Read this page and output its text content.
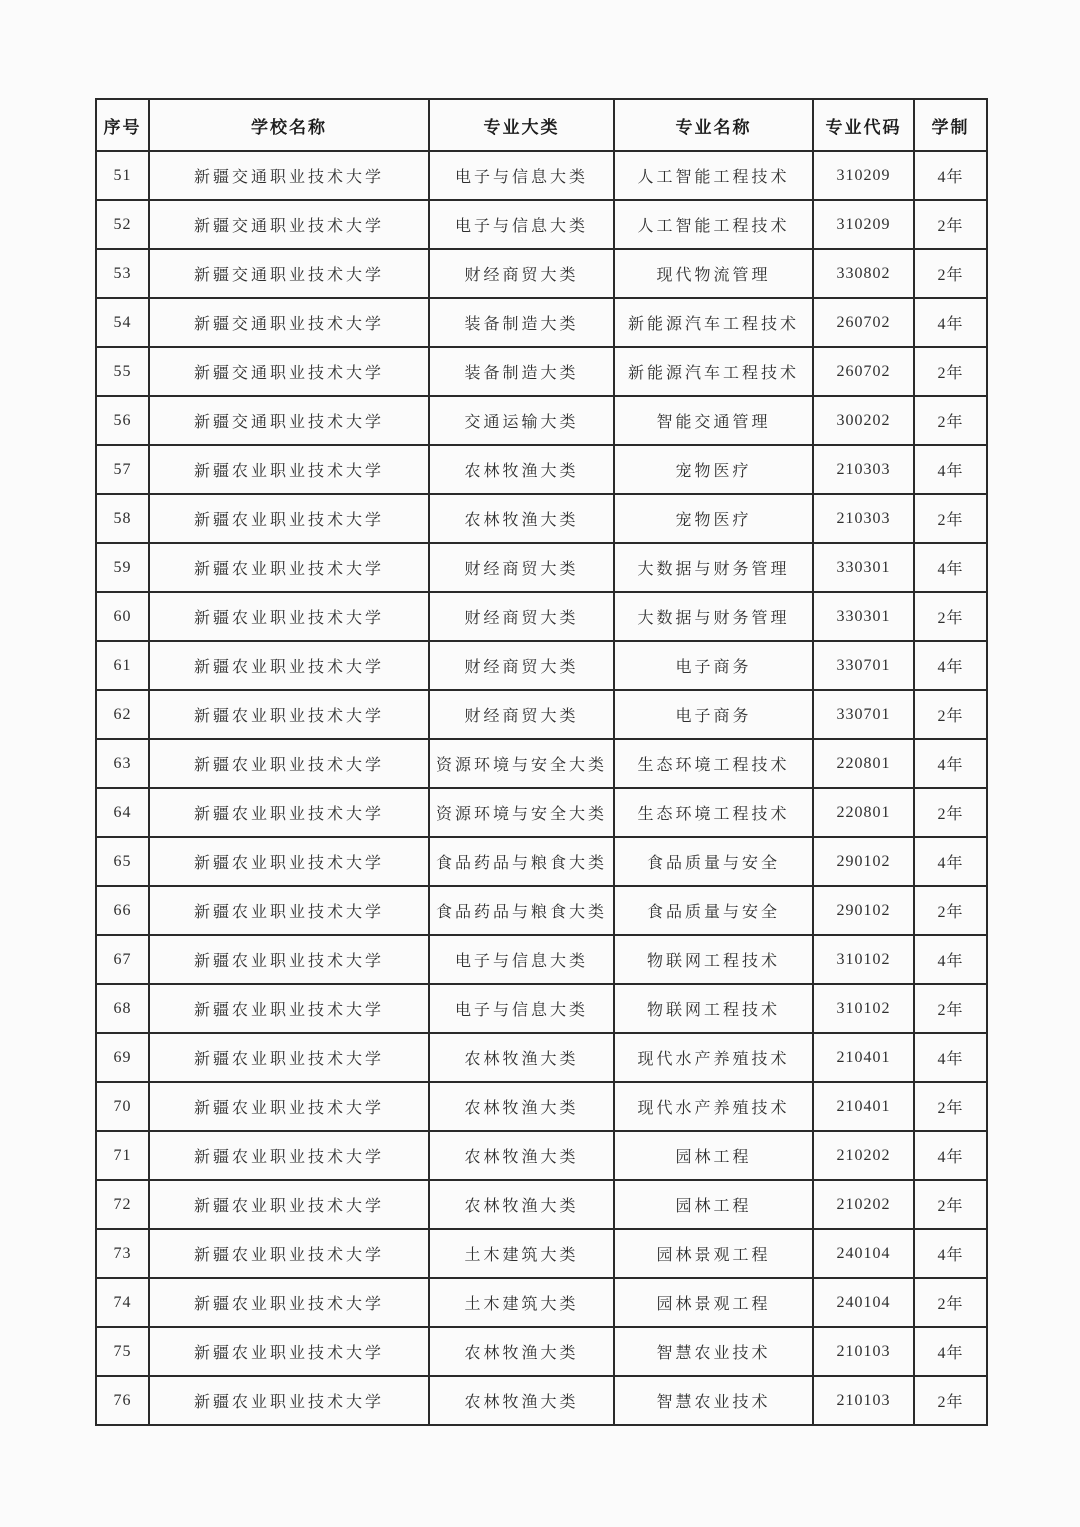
序号	学校名称	专业大类	专业名称	专业代码	学制
51	新疆交通职业技术大学	电子与信息大类	人工智能工程技术	310209	4年
52	新疆交通职业技术大学	电子与信息大类	人工智能工程技术	310209	2年
53	新疆交通职业技术大学	财经商贸大类	现代物流管理	330802	2年
54	新疆交通职业技术大学	装备制造大类	新能源汽车工程技术	260702	4年
55	新疆交通职业技术大学	装备制造大类	新能源汽车工程技术	260702	2年
56	新疆交通职业技术大学	交通运输大类	智能交通管理	300202	2年
57	新疆农业职业技术大学	农林牧渔大类	宠物医疗	210303	4年
58	新疆农业职业技术大学	农林牧渔大类	宠物医疗	210303	2年
59	新疆农业职业技术大学	财经商贸大类	大数据与财务管理	330301	4年
60	新疆农业职业技术大学	财经商贸大类	大数据与财务管理	330301	2年
61	新疆农业职业技术大学	财经商贸大类	电子商务	330701	4年
62	新疆农业职业技术大学	财经商贸大类	电子商务	330701	2年
63	新疆农业职业技术大学	资源环境与安全大类	生态环境工程技术	220801	4年
64	新疆农业职业技术大学	资源环境与安全大类	生态环境工程技术	220801	2年
65	新疆农业职业技术大学	食品药品与粮食大类	食品质量与安全	290102	4年
66	新疆农业职业技术大学	食品药品与粮食大类	食品质量与安全	290102	2年
67	新疆农业职业技术大学	电子与信息大类	物联网工程技术	310102	4年
68	新疆农业职业技术大学	电子与信息大类	物联网工程技术	310102	2年
69	新疆农业职业技术大学	农林牧渔大类	现代水产养殖技术	210401	4年
70	新疆农业职业技术大学	农林牧渔大类	现代水产养殖技术	210401	2年
71	新疆农业职业技术大学	农林牧渔大类	园林工程	210202	4年
72	新疆农业职业技术大学	农林牧渔大类	园林工程	210202	2年
73	新疆农业职业技术大学	土木建筑大类	园林景观工程	240104	4年
74	新疆农业职业技术大学	土木建筑大类	园林景观工程	240104	2年
75	新疆农业职业技术大学	农林牧渔大类	智慧农业技术	210103	4年
76	新疆农业职业技术大学	农林牧渔大类	智慧农业技术	210103	2年
